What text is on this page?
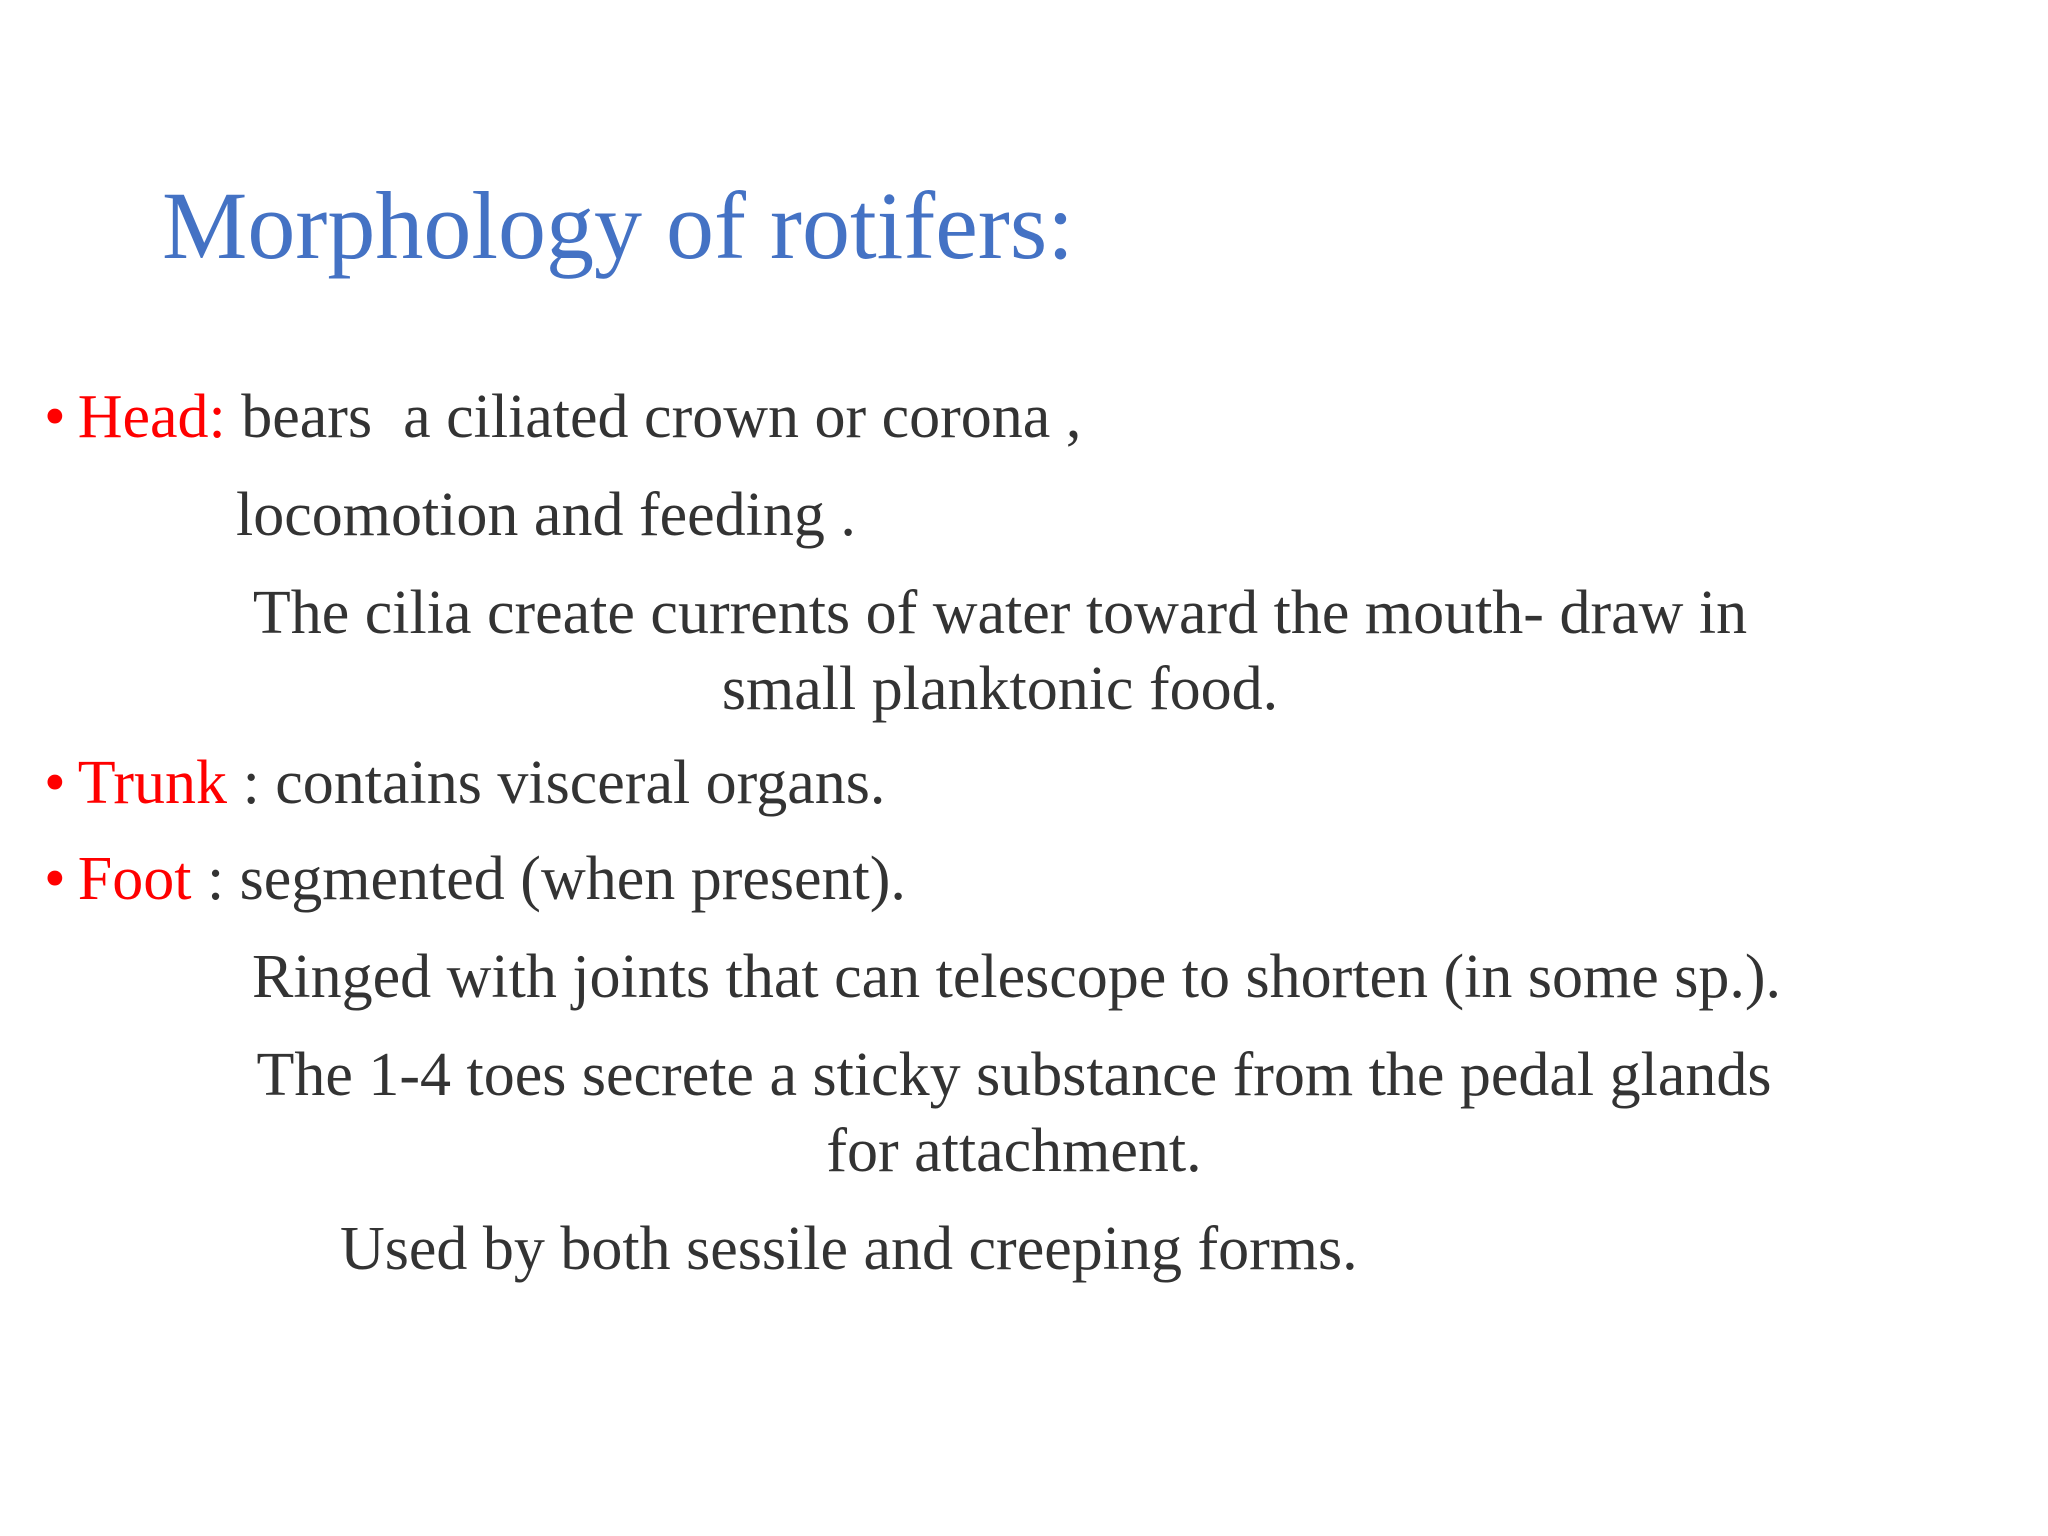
Morphology of rotifers:
• Head: bears  a ciliated crown or corona ,
locomotion and feeding .
The cilia create currents of water toward the mouth- draw in
small planktonic food.
• Trunk : contains visceral organs.
• Foot : segmented (when present).
Ringed with joints that can telescope to shorten (in some sp.).
The 1-4 toes secrete a sticky substance from the pedal glands
for attachment.
Used by both sessile and creeping forms.
